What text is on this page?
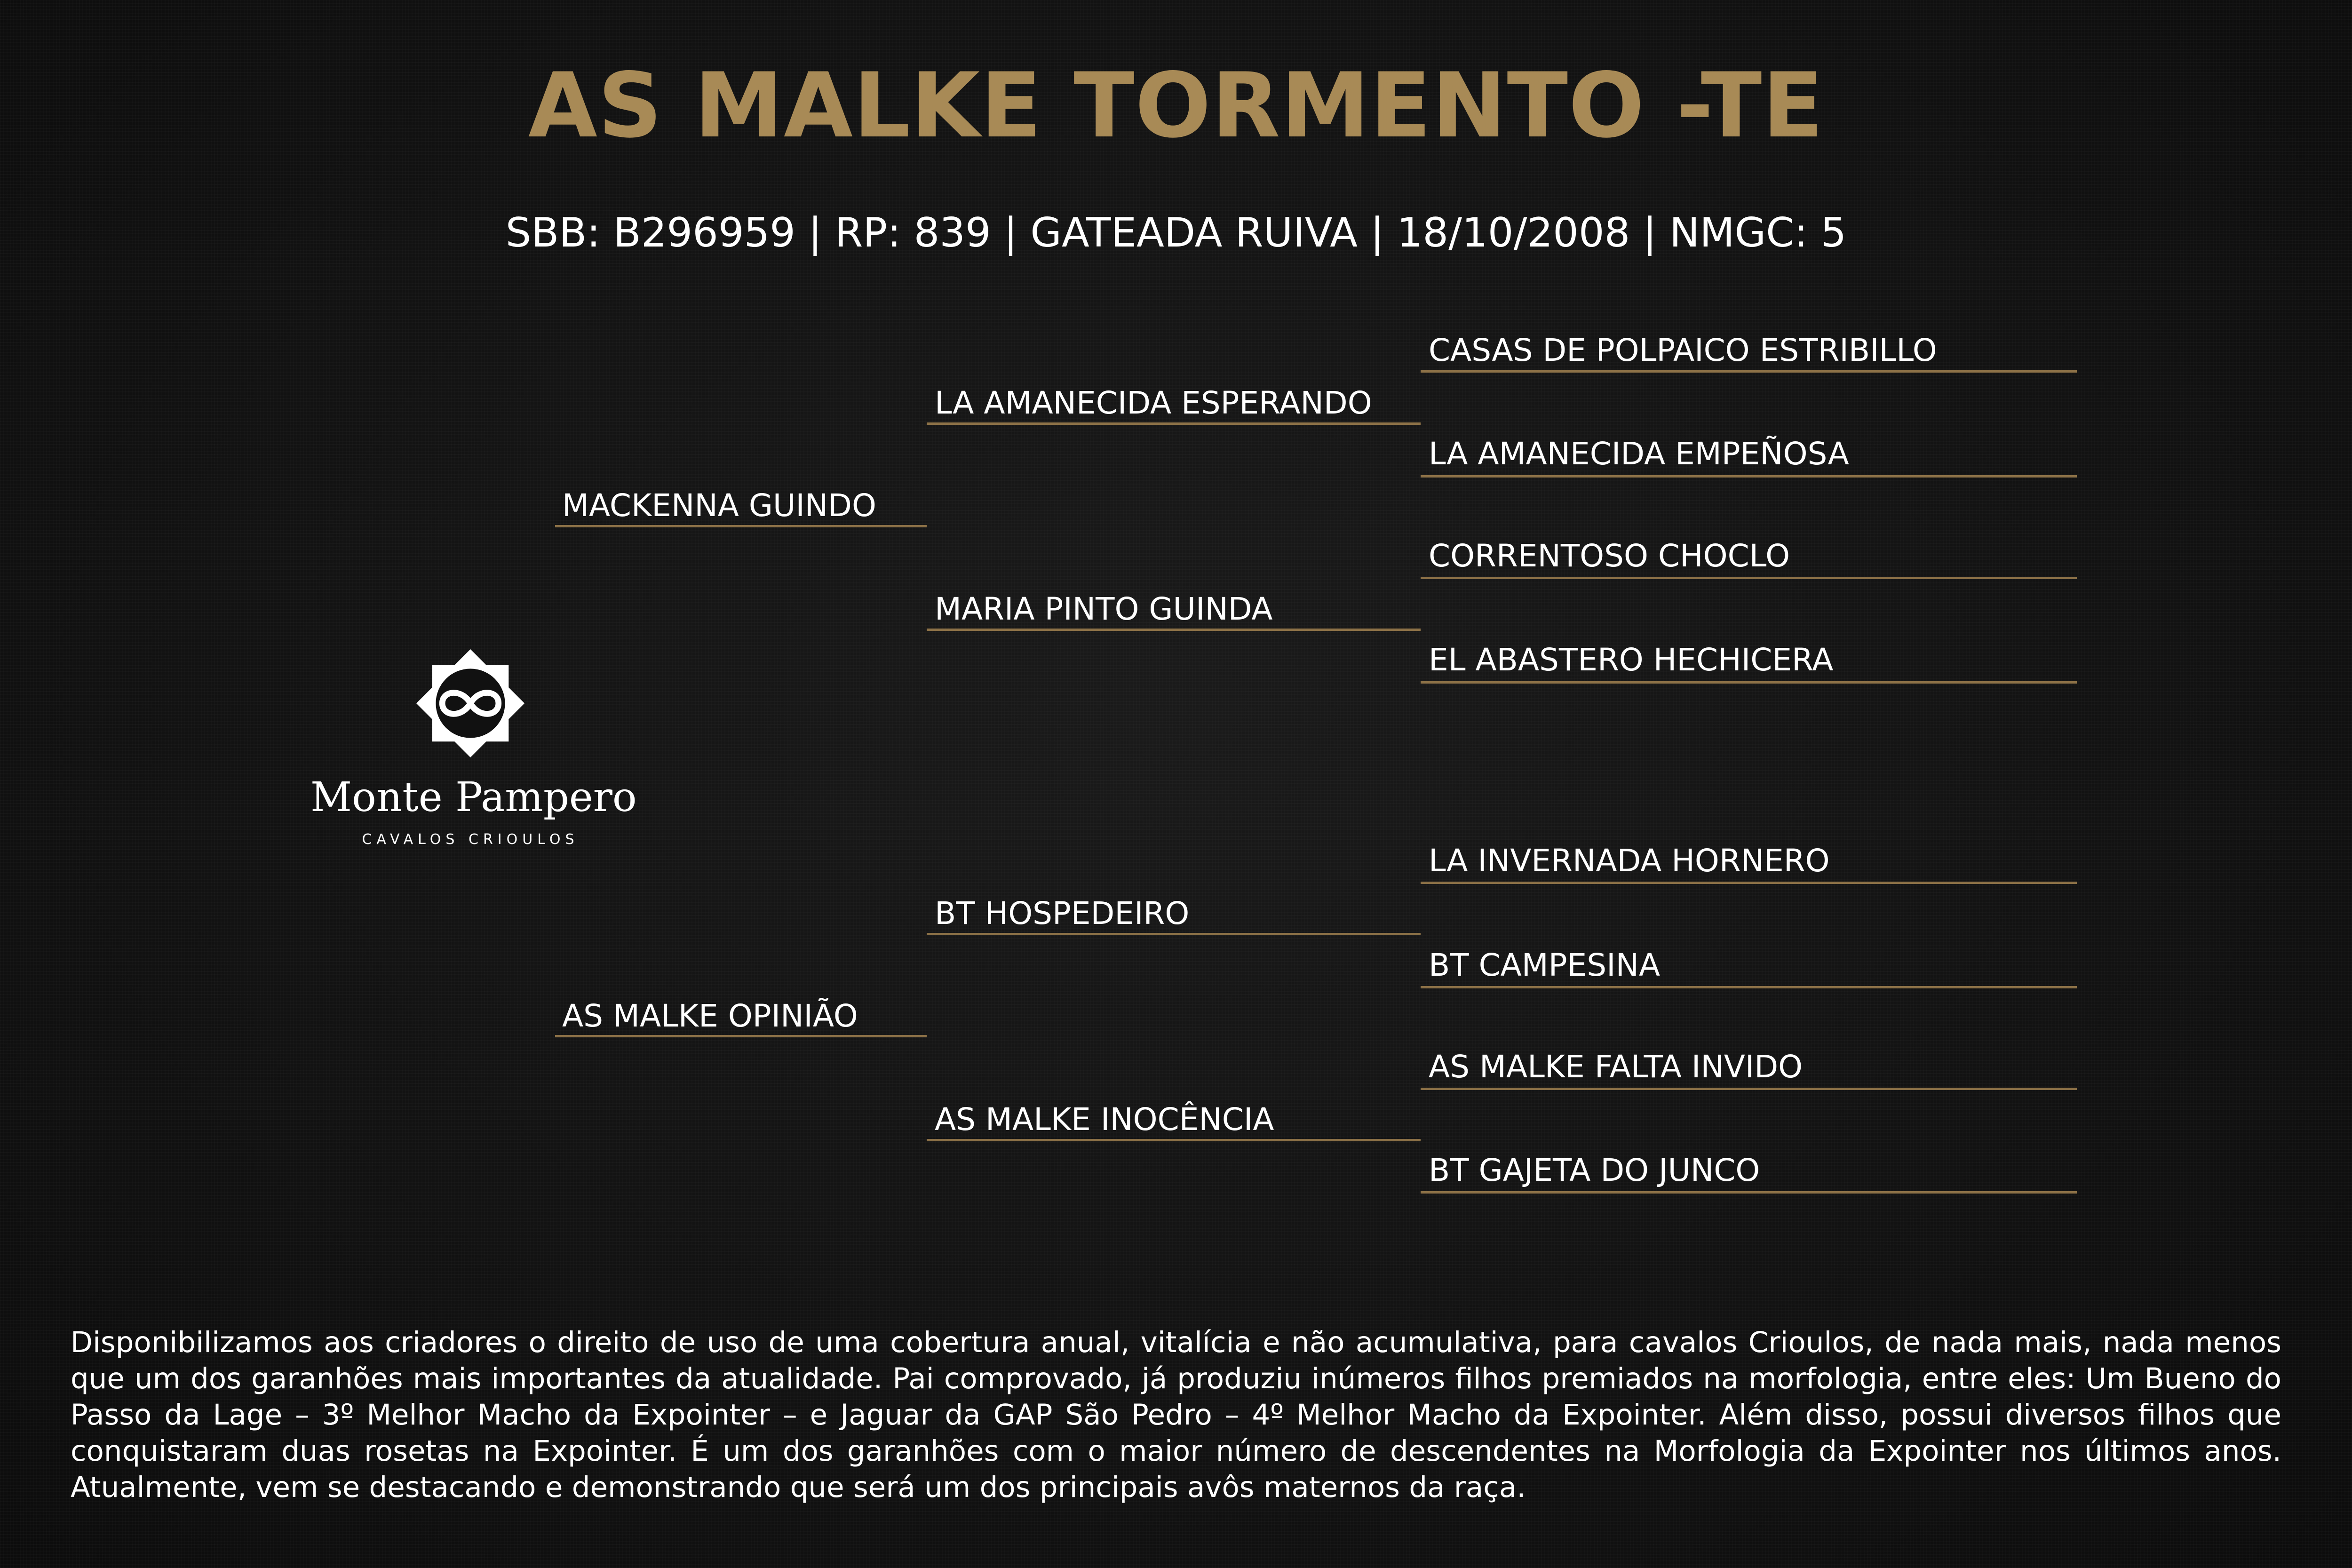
AS MALKE TORMENTO -TE
SBB: B296959 | RP: 839 | GATEADA RUIVA | 18/10/2008 | NMGC: 5
MACKENNA GUINDO
AS MALKE OPINIÃO
LA AMANECIDA ESPERANDO
MARIA PINTO GUINDA
BT HOSPEDEIRO
AS MALKE INOCÊNCIA
CASAS DE POLPAICO ESTRIBILLO
LA AMANECIDA EMPEÑOSA
CORRENTOSO CHOCLO
EL ABASTERO HECHICERA
LA INVERNADA HORNERO
BT CAMPESINA
AS MALKE FALTA INVIDO
BT GAJETA DO JUNCO
Monte Pampero
CAVALOS CRIOULOS
Disponibilizamos aos criadores o direito de uso de uma cobertura anual, vitalícia e não acumulativa, para cavalos Crioulos, de nada mais, nada menos que um dos garanhões mais importantes da atualidade. Pai comprovado, já produziu inúmeros filhos premiados na morfologia, entre eles: Um Bueno do Passo da Lage – 3º Melhor Macho da Expointer – e Jaguar da GAP São Pedro – 4º Melhor Macho da Expointer. Além disso, possui diversos filhos que conquistaram duas rosetas na Expointer. É um dos garanhões com o maior número de descendentes na Morfologia da Expointer nos últimos anos. Atualmente, vem se destacando e demonstrando que será um dos principais avôs maternos da raça.
